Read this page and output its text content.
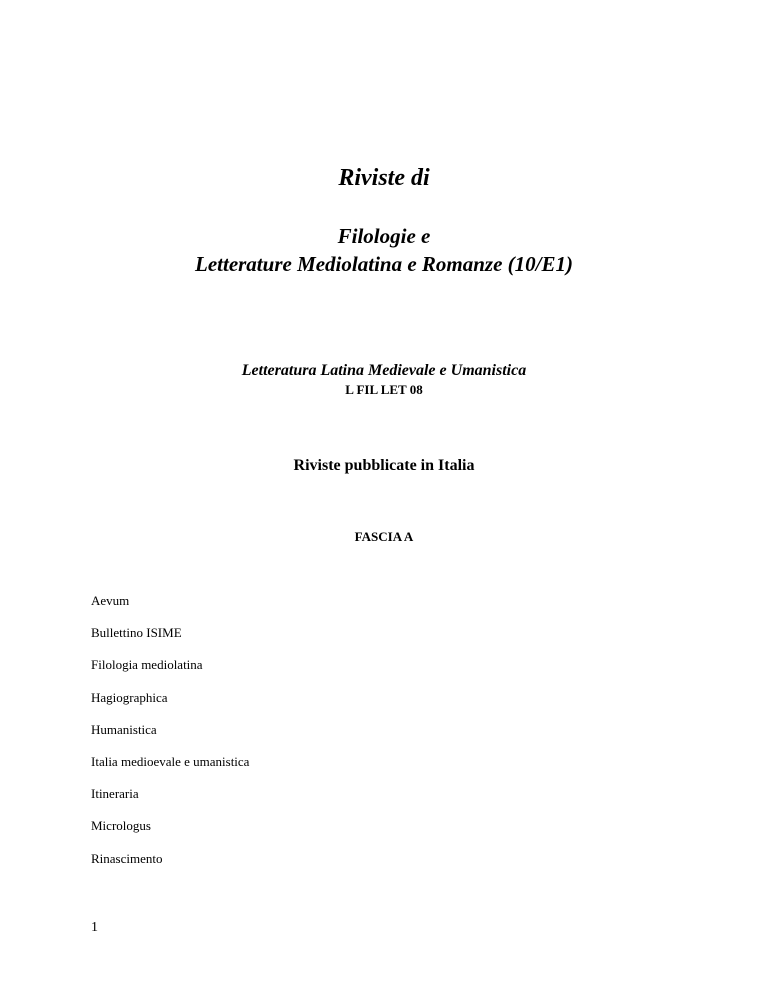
Riviste di
Filologie e
Letterature Mediolatina e Romanze (10/E1)
Letteratura Latina Medievale e Umanistica
L FIL LET 08
Riviste pubblicate in Italia
FASCIA A
Aevum
Bullettino ISIME
Filologia mediolatina
Hagiographica
Humanistica
Italia medioevale e umanistica
Itineraria
Micrologus
Rinascimento
1
